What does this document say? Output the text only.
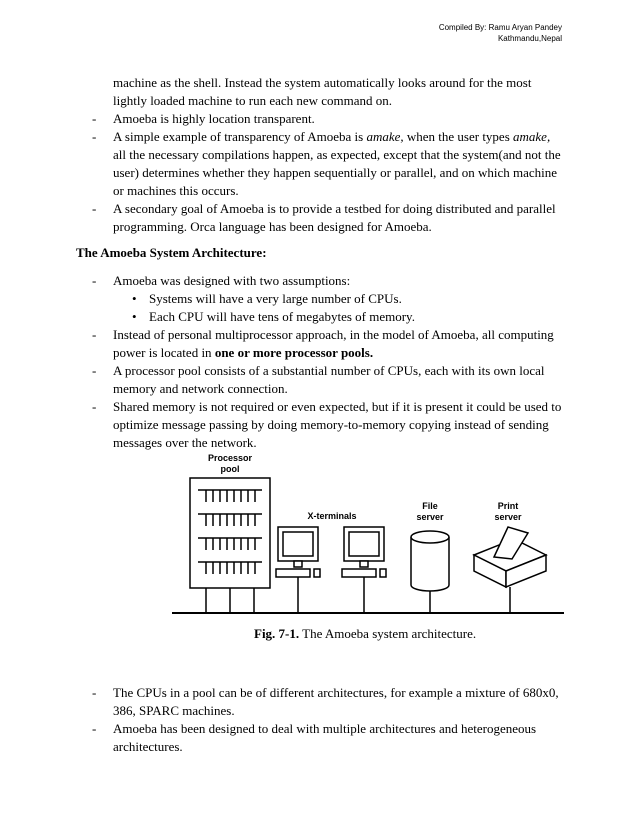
Compiled By: Ramu Aryan Pandey
Kathmandu,Nepal
machine as the shell. Instead the system automatically looks around for the most lightly loaded machine to run each new command on.
- Amoeba is highly location transparent.
- A simple example of transparency of Amoeba is amake, when the user types amake, all the necessary compilations happen, as expected, except that the system(and not the user) determines whether they happen sequentially or parallel, and on which machine or machines this occurs.
- A secondary goal of Amoeba is to provide a testbed for doing distributed and parallel programming. Orca language has been designed for Amoeba.
The Amoeba System Architecture:
- Amoeba was designed with two assumptions:
• Systems will have a very large number of CPUs.
• Each CPU will have tens of megabytes of memory.
- Instead of personal multiprocessor approach, in the model of Amoeba, all computing power is located in one or more processor pools.
- A processor pool consists of a substantial number of CPUs, each with its own local memory and network connection.
- Shared memory is not required or even expected, but if it is present it could be used to optimize message passing by doing memory-to-memory copying instead of sending messages over the network.
Processor
pool
X-terminals
File
server
Print
server
Fig. 7-1. The Amoeba system architecture.
- The CPUs in a pool can be of different architectures, for example a mixture of 680x0, 386, SPARC machines.
- Amoeba has been designed to deal with multiple architectures and heterogeneous architectures.
